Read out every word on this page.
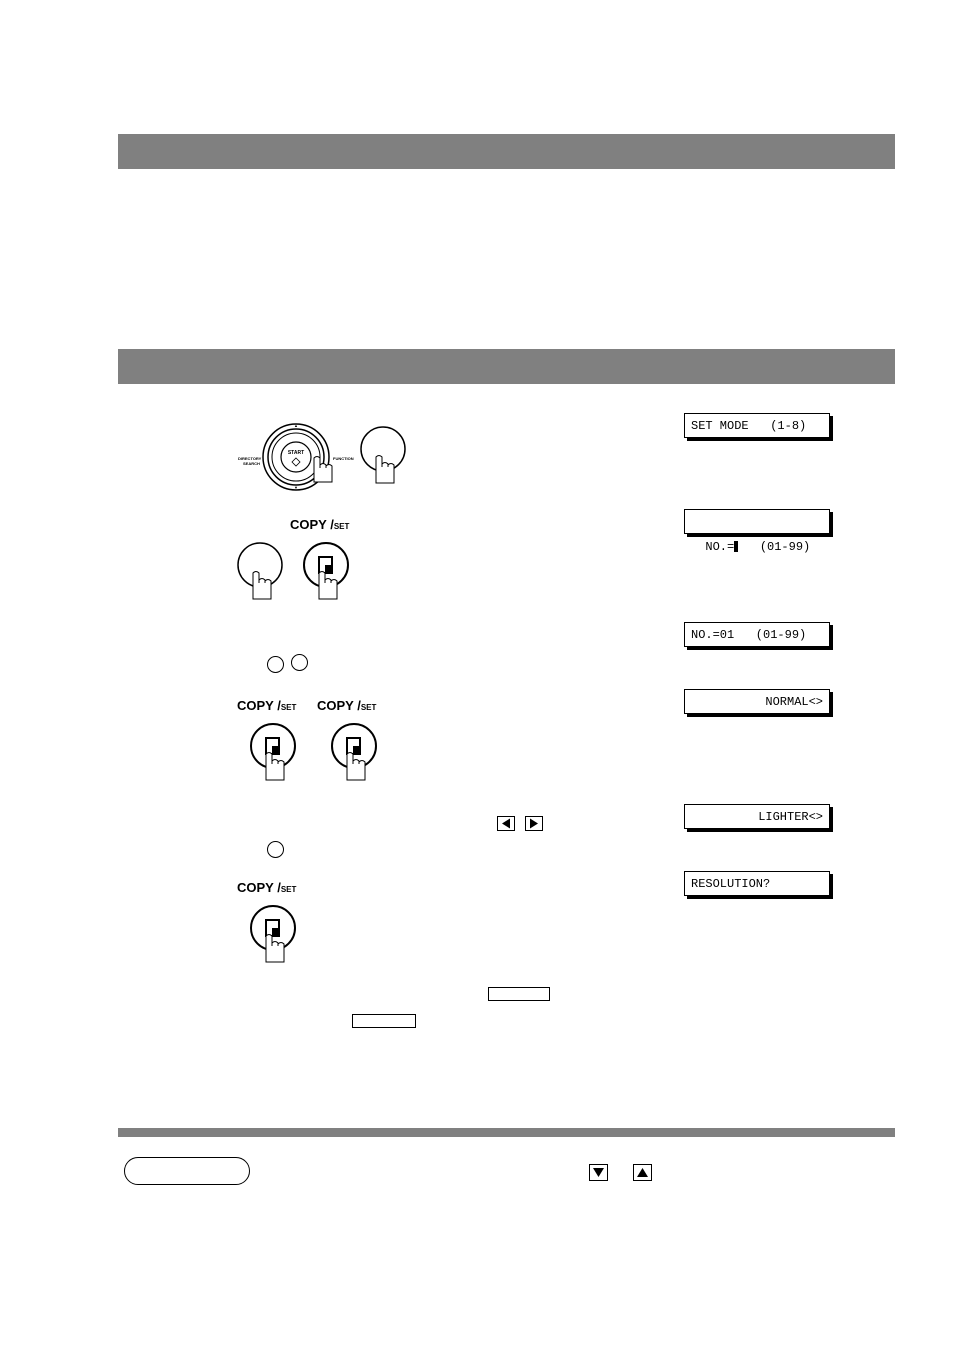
START
▲
▼
DIRECTORY
SEARCH
FUNCTION
SET MODE   (1-8)
COPY /SET

NO.=   (01-99)

NO.=01   (01-99)
COPY /SET COPY /SET	NORMAL<>
LIGHTER<>
COPY /SET	RESOLUTION?
